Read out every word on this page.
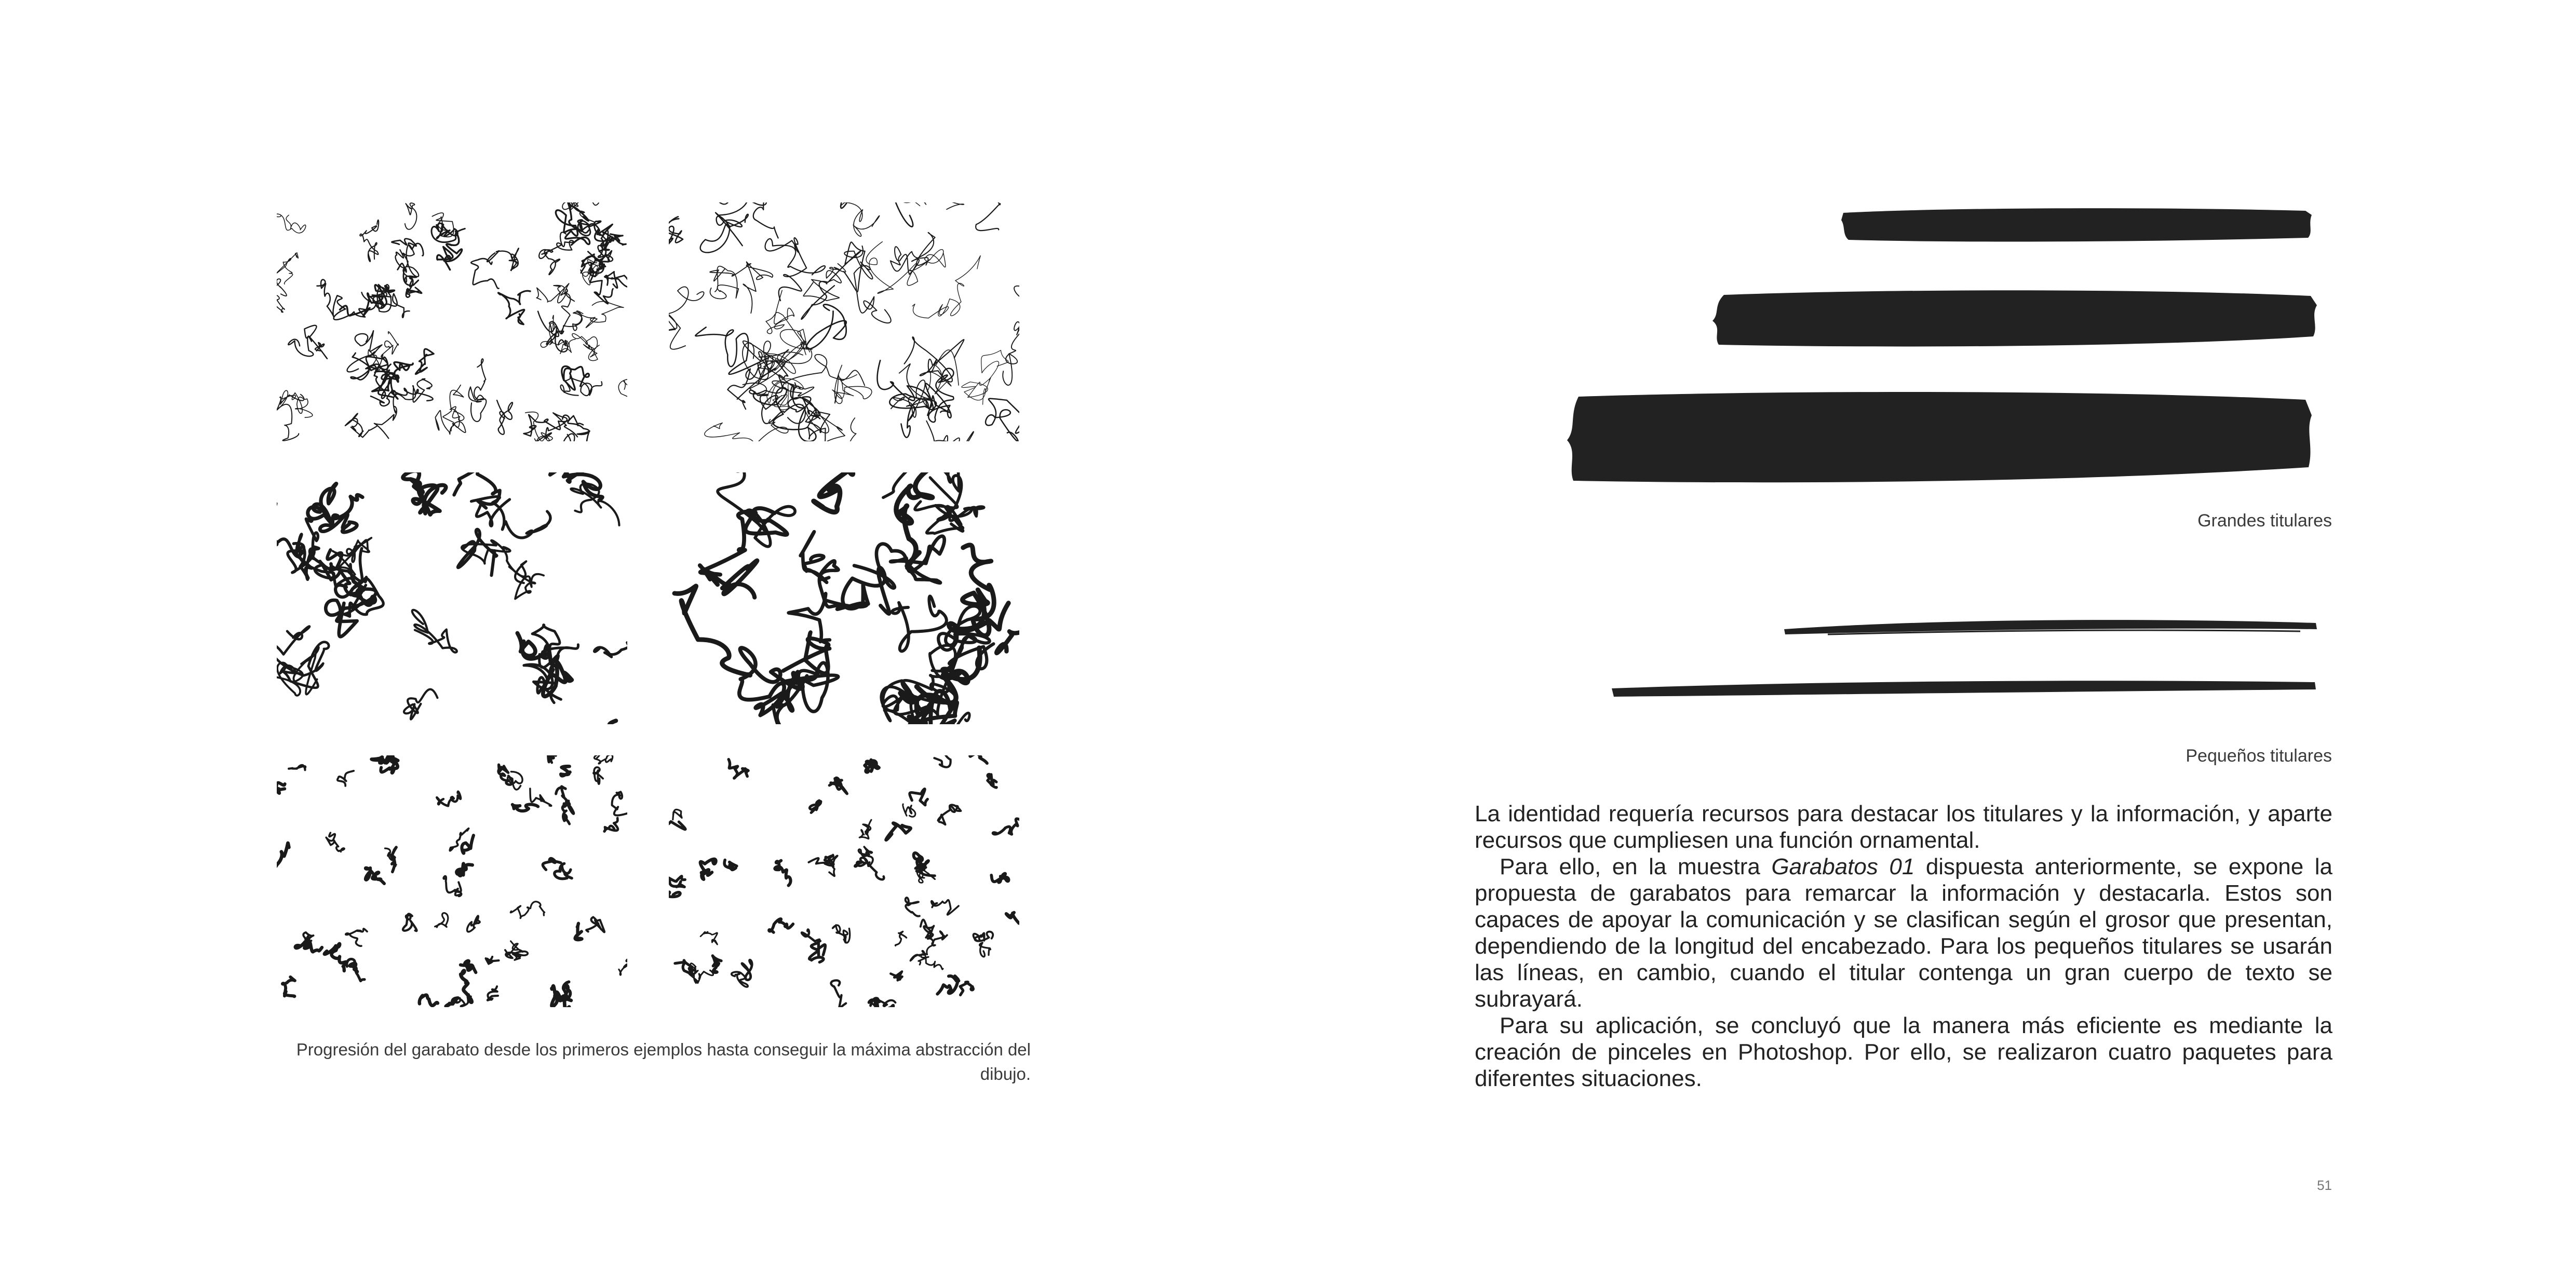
Progresión del garabato desde los primeros ejemplos hasta conseguir la máxima abstracción del dibujo.
Grandes titulares
Pequeños titulares

La identidad requería recursos para destacar los titulares y la información, y aparte recursos que cumpliesen una función ornamental.

Para ello, en la muestra Garabatos 01 dispuesta anteriormente, se expone la propuesta de garabatos para remarcar la información y destacarla. Estos son capaces de apoyar la comunicación y se clasifican según el grosor que presentan, dependiendo de la longitud del encabezado. Para los pequeños titulares se usarán las líneas, en cambio, cuando el titular contenga un gran cuerpo de texto se subrayará.

Para su aplicación, se concluyó que la manera más eficiente es mediante la creación de pinceles en Photoshop. Por ello, se realizaron cuatro paquetes para diferentes situaciones.

51
